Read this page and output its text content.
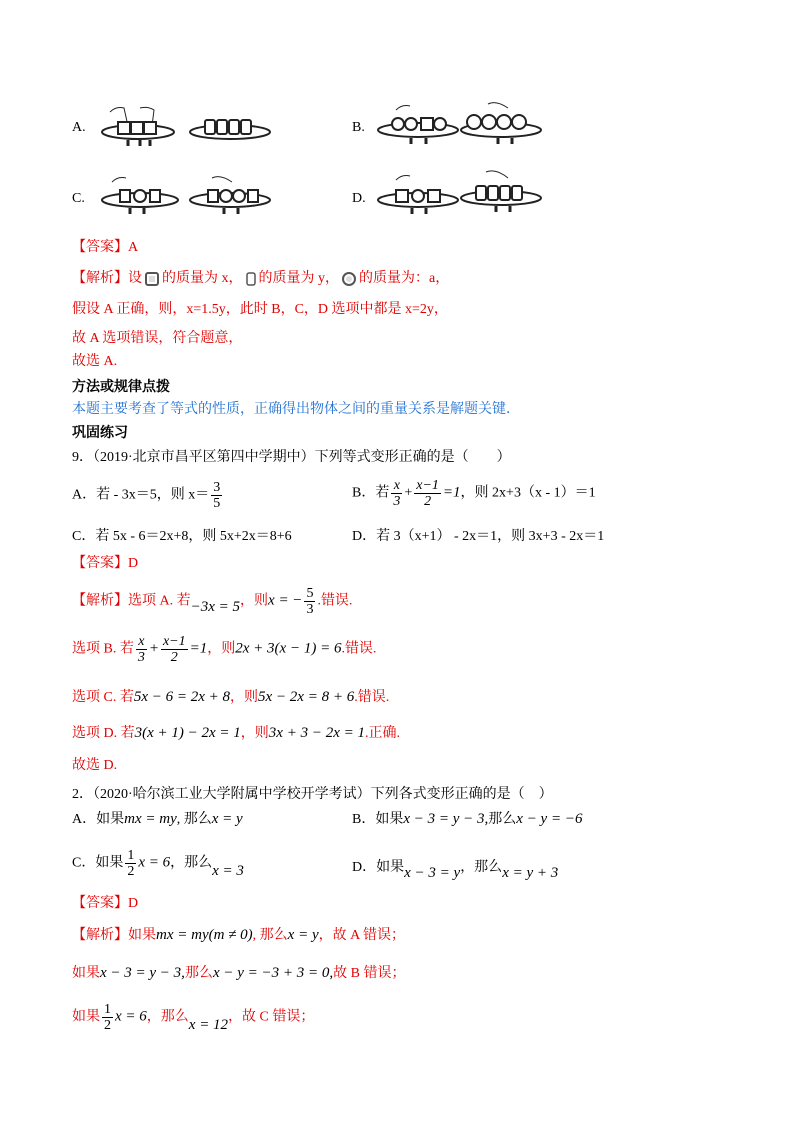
A.	B.
C.	D.
【答案】A
【解析】设 的质量为 x， 的质量为 y， 的质量为：a，
假设 A 正确，则，x=1.5y，此时 B，C，D 选项中都是 x=2y，
故 A 选项错误，符合题意，
故选 A.
方法或规律点拨
本题主要考查了等式的性质，正确得出物体之间的重量关系是解题关键．
巩固练习
9．（2019·北京市昌平区第四中学期中）下列等式变形正确的是（　　）
A．若 - 3x＝5，则 $x= \frac{3}{5}$	B．若 $\frac{x}{3} + \frac{x-1}{2} =1$，则 2x+3（x - 1）＝1
C．若 5x - 6＝2x+8，则 5x+2x＝8+6	D．若 3（x+1） - 2x＝1，则 3x+3 - 2x＝1
【答案】D
【解析】选项 A. 若−3x = 5，则x = − $\frac{5}{3}$ .错误.
选项 B. 若 $\frac{x}{3} + \frac{x-1}{2} =1$，则2x + 3(x − 1) = 6.错误.
选项 C. 若5x − 6 = 2x + 8，则5x − 2x = 8 + 6.错误.
选项 D. 若3(x + 1) − 2x = 1，则3x + 3 − 2x = 1.正确.
故选 D.
2．（2020·哈尔滨工业大学附属中学校开学考试）下列各式变形正确的是（　）
A．如果mx = my, 那么x = y	B．如果x − 3 = y − 3,那么x − y = −6
C．如果 $\frac{1}{2}$ x = 6，那么x = 3	D．如果x − 3 = y，那么x = y + 3
【答案】D
【解析】如果mx = my(m ≠ 0), 那么x = y，故 A 错误；
如果x − 3 = y − 3,那么x − y = −3 + 3 = 0,故 B 错误；
如果 $\frac{1}{2}$ x = 6，那么x = 12，故 C 错误；
